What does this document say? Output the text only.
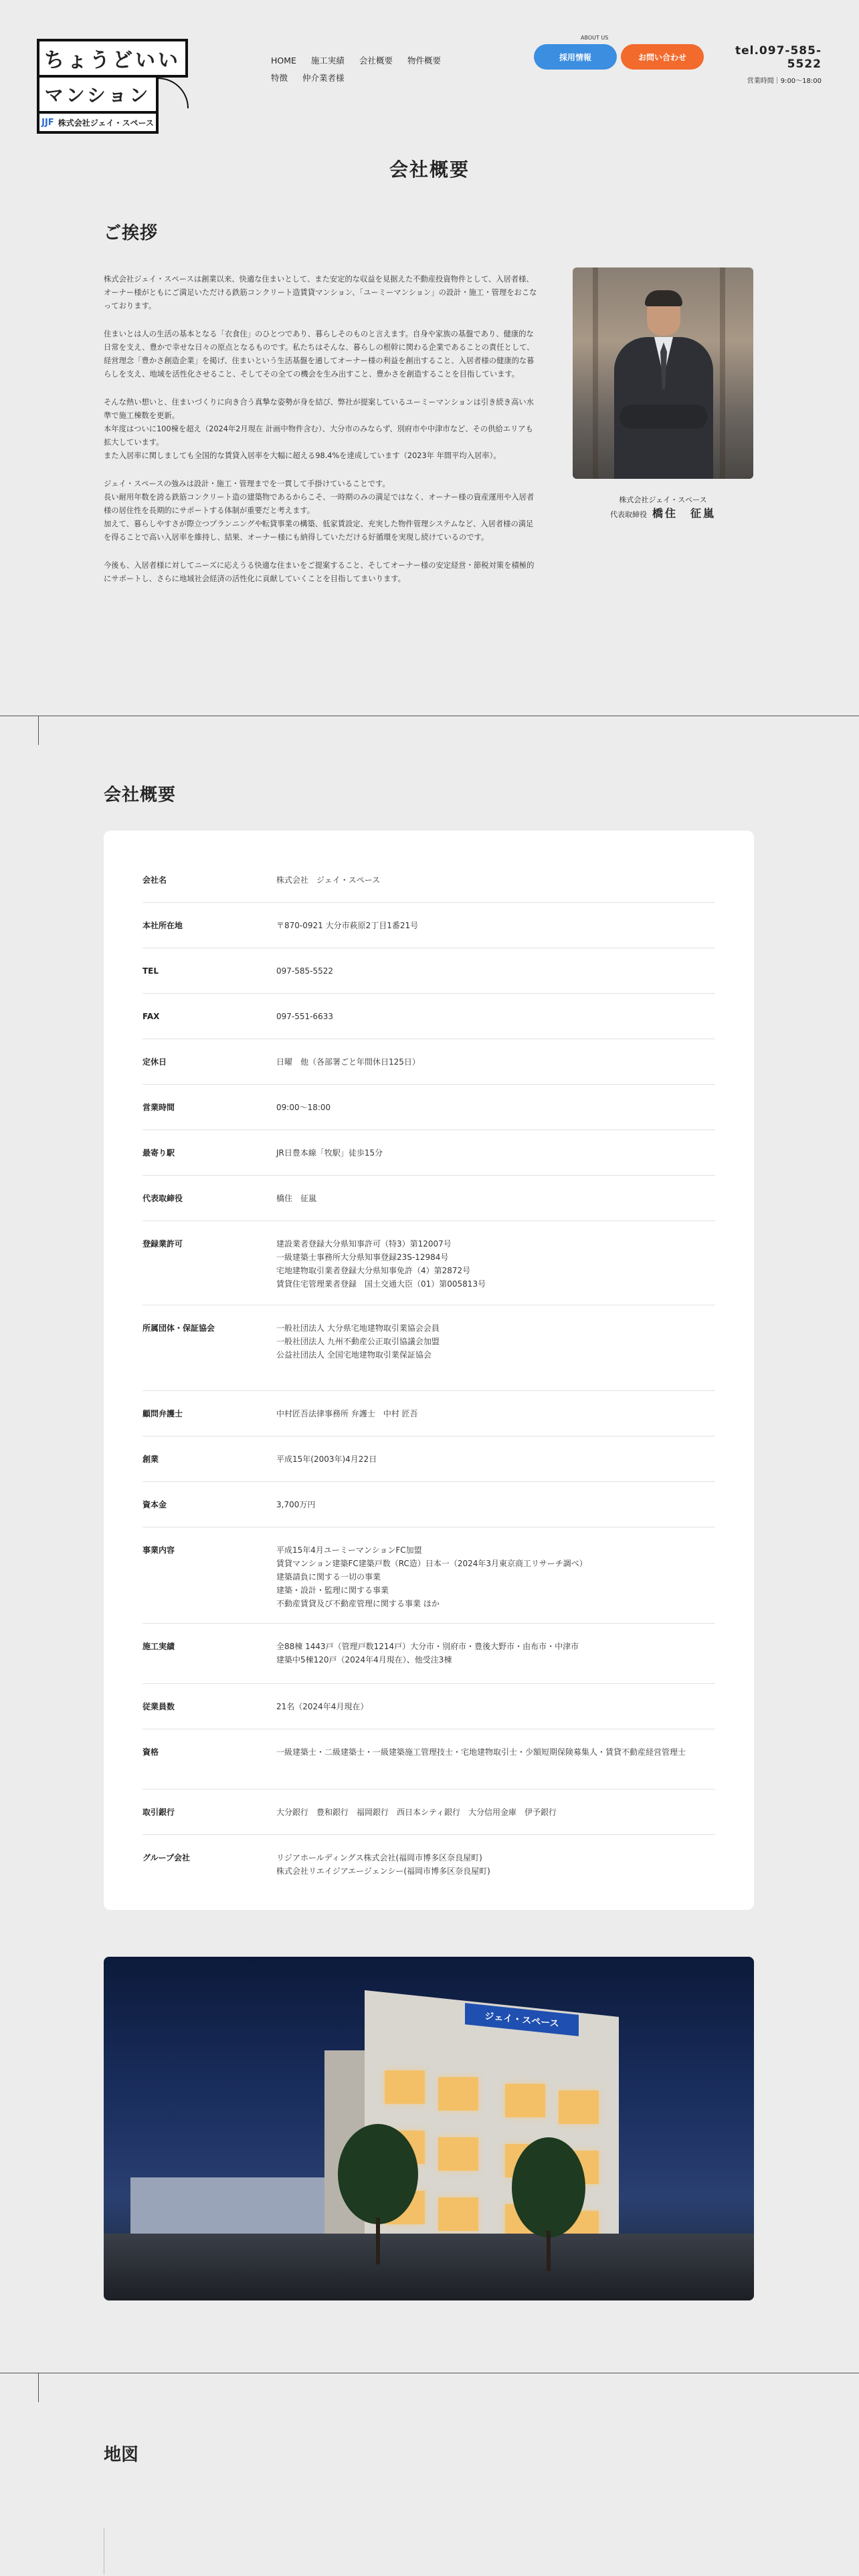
ちょうどいい
マンション
JJF 株式会社ジェイ・スペース
HOME 施工実績 会社概要 物件概要特徴 仲介業者様
ABOUT US
採用情報	お問い合わせ	tel.097-585-5522
営業時間｜9:00～18:00
会社概要
ご挨拶

株式会社ジェイ・スペースは創業以来、快適な住まいとして、また安定的な収益を見据えた不動産投資物件として、入居者様、オーナー様がともにご満足いただける鉄筋コンクリート造賃貸マンション、「ユーミーマンション」の設計・施工・管理をおこなっております。

住まいとは人の生活の基本となる「衣食住」のひとつであり、暮らしそのものと言えます。自身や家族の基盤であり、健康的な日常を支え、豊かで幸せな日々の原点となるものです。私たちはそんな、暮らしの根幹に関わる企業であることの責任として、経営理念「豊かさ創造企業」を掲げ、住まいという生活基盤を通してオーナー様の利益を創出すること、入居者様の健康的な暮らしを支え、地域を活性化させること、そしてその全ての機会を生み出すこと、豊かさを創造することを目指しています。

そんな熱い想いと、住まいづくりに向き合う真摯な姿勢が身を結び、弊社が提案しているユーミーマンションは引き続き高い水準で施工棟数を更新。
本年度はついに100棟を超え（2024年2月現在 計画中物件含む）、大分市のみならず、別府市や中津市など、その供給エリアも拡大しています。
また入居率に関しましても全国的な賃貸入居率を大幅に超える98.4%を達成しています（2023年 年間平均入居率）。

ジェイ・スペースの強みは設計・施工・管理までを一貫して手掛けていることです。
長い耐用年数を誇る鉄筋コンクリート造の建築物であるからこそ、一時期のみの満足ではなく、オーナー様の資産運用や入居者様の居住性を長期的にサポートする体制が重要だと考えます。
加えて、暮らしやすさが際立つプランニングや転貸事業の構築、低家賃設定、充実した物件管理システムなど、入居者様の満足を得ることで高い入居率を維持し、結果、オーナー様にも納得していただける好循環を実現し続けているのです。

今後も、入居者様に対してニーズに応えうる快適な住まいをご提案すること、そしてオーナー様の安定経営・節税対策を積極的にサポートし、さらに地域社会経済の活性化に貢献していくことを目指してまいります。

株式会社ジェイ・スペース
代表取締役 橋住　征嵐
会社概要
会社名	株式会社　ジェイ・スペース
本社所在地	〒870-0921 大分市萩原2丁目1番21号
TEL	097-585-5522
FAX	097-551-6633
定休日	日曜　他（各部署ごと年間休日125日）
営業時間	09:00～18:00
最寄り駅	JR日豊本線「牧駅」徒歩15分
代表取締役	橋住　征嵐
登録業許可	建設業者登録大分県知事許可（特3）第12007号
一級建築士事務所大分県知事登録23S-12984号
宅地建物取引業者登録大分県知事免許（4）第2872号
賃貸住宅管理業者登録　国土交通大臣（01）第005813号
所属団体・保証協会	一般社団法人 大分県宅地建物取引業協会会員
一般社団法人 九州不動産公正取引協議会加盟
公益社団法人 全国宅地建物取引業保証協会
顧問弁護士	中村匠吾法律事務所 弁護士　中村 匠吾
創業	平成15年(2003年)4月22日
資本金	3,700万円
事業内容	平成15年4月ユーミーマンションFC加盟
賃貸マンション建築FC建築戸数（RC造）日本一（2024年3月東京商工リサーチ調べ）
建築請負に関する一切の事業
建築・設計・監理に関する事業
不動産賃貸及び不動産管理に関する事業 ほか
施工実績	全88棟 1443戸（管理戸数1214戸）大分市・別府市・豊後大野市・由布市・中津市
建築中5棟120戸（2024年4月現在）、他受注3棟
従業員数	21名（2024年4月現在）
資格	一級建築士・二級建築士・一級建築施工管理技士・宅地建物取引士・少額短期保険募集人・賃貸不動産経営管理士
取引銀行	大分銀行　豊和銀行　福岡銀行　西日本シティ銀行　大分信用金庫　伊予銀行
グループ会社	リジアホールディングス株式会社(福岡市博多区奈良屋町)
株式会社リエイジアエージェンシー(福岡市博多区奈良屋町)
ジェイ・スペース
地図
